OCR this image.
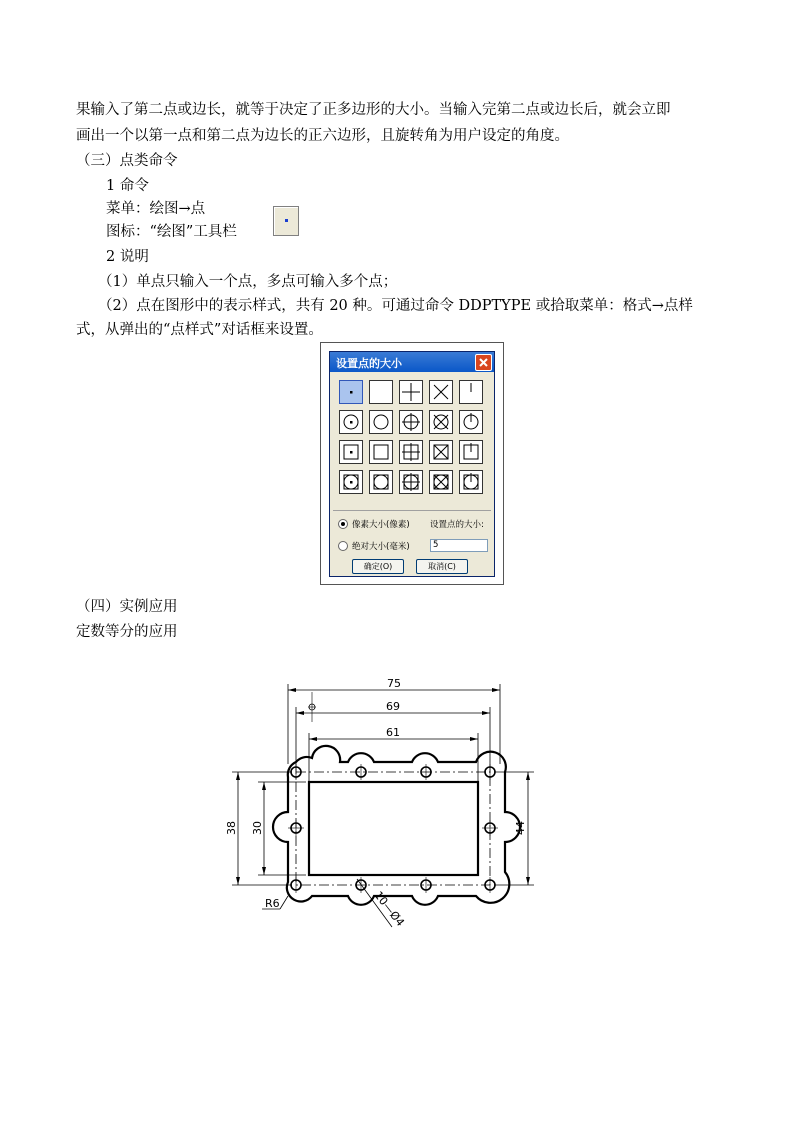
果输入了第二点或边长，就等于决定了正多边形的大小。当输入完第二点或边长后，就会立即
画出一个以第一点和第二点为边长的正六边形，且旋转角为用户设定的角度。
（三）点类命令
1 命令
菜单：绘图→点
图标：“绘图”工具栏
2 说明
（1）单点只输入一个点，多点可输入多个点；
（2）点在图形中的表示样式，共有 20 种。可通过命令 DDPTYPE 或拾取菜单：格式→点样
式，从弹出的“点样式”对话框来设置。
设置点的大小
像素大小(像素) 设置点的大小:
绝对大小(毫米)	5
确定(O)	取消(C)
（四）实例应用
定数等分的应用
75
69
61
38 30	44
R6	10—Ø4
